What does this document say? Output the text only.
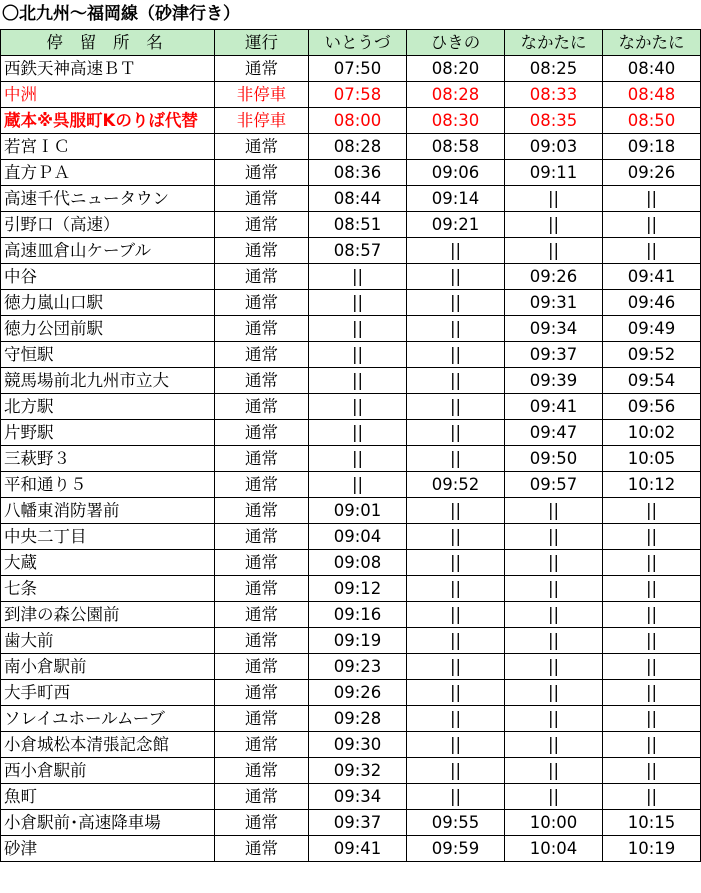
〇北九州～福岡線（砂津行き）
停 留 所 名	運行	いとうづ	ひきの	なかたに	なかたに
西鉄天神高速ＢＴ	通常	07:50	08:20	08:25	08:40
中洲	非停車	07:58	08:28	08:33	08:48
蔵本※呉服町Kのりば代替	非停車	08:00	08:30	08:35	08:50
若宮ＩＣ	通常	08:28	08:58	09:03	09:18
直方ＰＡ	通常	08:36	09:06	09:11	09:26
高速千代ニュータウン	通常	08:44	09:14	||	||
引野口（高速）	通常	08:51	09:21	||	||
高速皿倉山ケーブル	通常	08:57	||	||	||
中谷	通常	||	||	09:26	09:41
徳力嵐山口駅	通常	||	||	09:31	09:46
徳力公団前駅	通常	||	||	09:34	09:49
守恒駅	通常	||	||	09:37	09:52
競馬場前北九州市立大	通常	||	||	09:39	09:54
北方駅	通常	||	||	09:41	09:56
片野駅	通常	||	||	09:47	10:02
三萩野３	通常	||	||	09:50	10:05
平和通り５	通常	||	09:52	09:57	10:12
八幡東消防署前	通常	09:01	||	||	||
中央二丁目	通常	09:04	||	||	||
大蔵	通常	09:08	||	||	||
七条	通常	09:12	||	||	||
到津の森公園前	通常	09:16	||	||	||
歯大前	通常	09:19	||	||	||
南小倉駅前	通常	09:23	||	||	||
大手町西	通常	09:26	||	||	||
ソレイユホールムーブ	通常	09:28	||	||	||
小倉城松本清張記念館	通常	09:30	||	||	||
西小倉駅前	通常	09:32	||	||	||
魚町	通常	09:34	||	||	||
小倉駅前･高速降車場	通常	09:37	09:55	10:00	10:15
砂津	通常	09:41	09:59	10:04	10:19
